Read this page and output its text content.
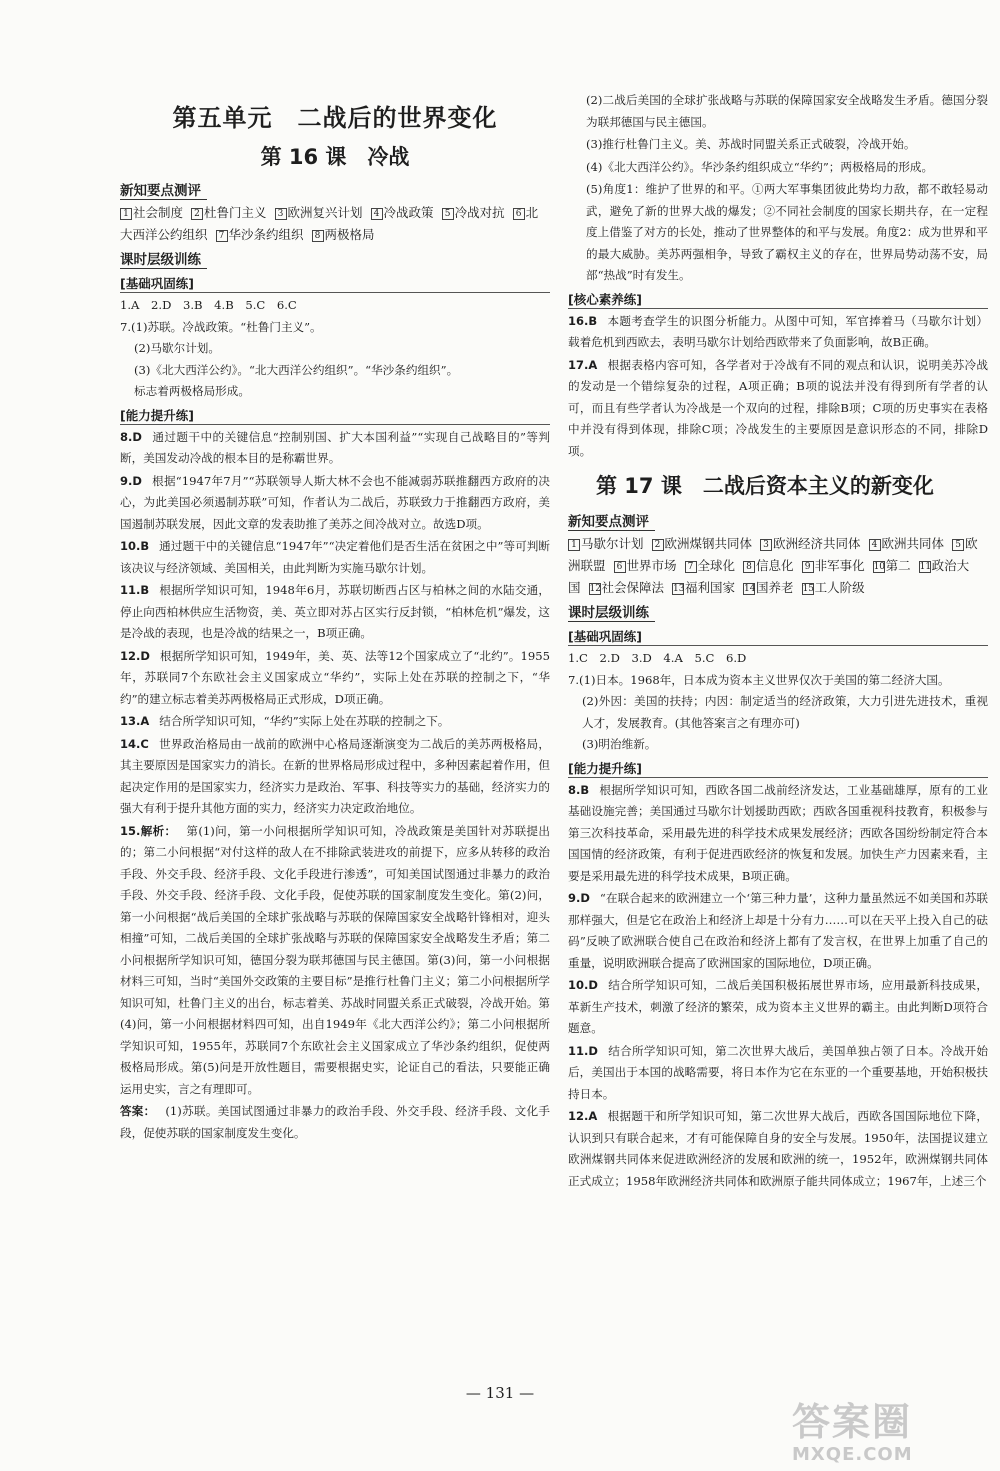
第五单元　二战后的世界变化
第 16 课　冷战
新知要点测评
1 社会制度 2 杜鲁门主义 3 欧洲复兴计划 4 冷战政策 5 冷战对抗 6 北大西洋公约组织 7 华沙条约组织 8 两极格局
课时层级训练
[基础巩固练]

1.A　2.D　3.B　4.B　5.C　6.C

7.(1)苏联。冷战政策。“杜鲁门主义”。

(2)马歇尔计划。

(3)《北大西洋公约》。“北大西洋公约组织”。“华沙条约组织”。

标志着两极格局形成。

[能力提升练]

8.D 通过题干中的关键信息“控制别国、扩大本国利益”“实现自己战略目的”等判断，美国发动冷战的根本目的是称霸世界。

9.D 根据“1947年7月”“苏联领导人斯大林不会也不能减弱苏联推翻西方政府的决心，为此美国必须遏制苏联”可知，作者认为二战后，苏联致力于推翻西方政府，美国遏制苏联发展，因此文章的发表助推了美苏之间冷战对立。故选D项。

10.B 通过题干中的关键信息“1947年”“决定着他们是否生活在贫困之中”等可判断该决议与经济领域、美国相关，由此判断为实施马歇尔计划。

11.B 根据所学知识可知，1948年6月，苏联切断西占区与柏林之间的水陆交通，停止向西柏林供应生活物资，美、英立即对苏占区实行反封锁，“柏林危机”爆发，这是冷战的表现，也是冷战的结果之一，B项正确。

12.D 根据所学知识可知，1949年，美、英、法等12个国家成立了“北约”。1955年，苏联同7个东欧社会主义国家成立“华约”，实际上处在苏联的控制之下，“华约”的建立标志着美苏两极格局正式形成，D项正确。

13.A 结合所学知识可知，“华约”实际上处在苏联的控制之下。

14.C 世界政治格局由一战前的欧洲中心格局逐渐演变为二战后的美苏两极格局，其主要原因是国家实力的消长。在新的世界格局形成过程中，多种因素起着作用，但起决定作用的是国家实力，经济实力是政治、军事、科技等实力的基础，经济实力的强大有利于提升其他方面的实力，经济实力决定政治地位。

15.解析： 第(1)问，第一小问根据所学知识可知，冷战政策是美国针对苏联提出的；第二小问根据“对付这样的敌人在不排除武装进攻的前提下，应多从转移的政治手段、外交手段、经济手段、文化手段进行渗透”，可知美国试图通过非暴力的政治手段、外交手段、经济手段、文化手段，促使苏联的国家制度发生变化。第(2)问，第一小问根据“战后美国的全球扩张战略与苏联的保障国家安全战略针锋相对，迎头相撞”可知，二战后美国的全球扩张战略与苏联的保障国家安全战略发生矛盾；第二小问根据所学知识可知，德国分裂为联邦德国与民主德国。第(3)问，第一小问根据材料三可知，当时“美国外交政策的主要目标”是推行杜鲁门主义；第二小问根据所学知识可知，杜鲁门主义的出台，标志着美、苏战时同盟关系正式破裂，冷战开始。第(4)问，第一小问根据材料四可知，出自1949年《北大西洋公约》；第二小问根据所学知识可知，1955年，苏联同7个东欧社会主义国家成立了华沙条约组织，促使两极格局形成。第(5)问是开放性题目，需要根据史实，论证自己的看法，只要能正确运用史实，言之有理即可。

答案： (1)苏联。美国试图通过非暴力的政治手段、外交手段、经济手段、文化手段，促使苏联的国家制度发生变化。

(2)二战后美国的全球扩张战略与苏联的保障国家安全战略发生矛盾。德国分裂为联邦德国与民主德国。

(3)推行杜鲁门主义。美、苏战时同盟关系正式破裂，冷战开始。

(4)《北大西洋公约》。华沙条约组织成立“华约”；两极格局的形成。

(5)角度1：维护了世界的和平。①两大军事集团彼此势均力敌，都不敢轻易动武，避免了新的世界大战的爆发；②不同社会制度的国家长期共存，在一定程度上借鉴了对方的长处，推动了世界整体的和平与发展。角度2：成为世界和平的最大威胁。美苏两强相争，导致了霸权主义的存在，世界局势动荡不安，局部“热战”时有发生。

[核心素养练]

16.B 本题考查学生的识图分析能力。从图中可知，军官捧着马（马歇尔计划）载着危机到西欧去，表明马歇尔计划给西欧带来了负面影响，故B正确。

17.A 根据表格内容可知，各学者对于冷战有不同的观点和认识，说明美苏冷战的发动是一个错综复杂的过程，A项正确；B项的说法并没有得到所有学者的认可，而且有些学者认为冷战是一个双向的过程，排除B项；C项的历史事实在表格中并没有得到体现，排除C项；冷战发生的主要原因是意识形态的不同，排除D项。

第 17 课　二战后资本主义的新变化
新知要点测评
1 马歇尔计划 2 欧洲煤钢共同体 3 欧洲经济共同体 4 欧洲共同体 5 欧洲联盟 6 世界市场 7 全球化 8 信息化 9 非军事化 10第二 11政治大国 12社会保障法 13福利国家 14国养老 15工人阶级
课时层级训练
[基础巩固练]

1.C　2.D　3.D　4.A　5.C　6.D

7.(1)日本。1968年，日本成为资本主义世界仅次于美国的第二经济大国。

(2)外因：美国的扶持；内因：制定适当的经济政策，大力引进先进技术，重视人才，发展教育。(其他答案言之有理亦可)

(3)明治维新。

[能力提升练]

8.B 根据所学知识可知，西欧各国二战前经济发达，工业基础雄厚，原有的工业基础设施完善；美国通过马歇尔计划援助西欧；西欧各国重视科技教育，积极参与第三次科技革命，采用最先进的科学技术成果发展经济；西欧各国纷纷制定符合本国国情的经济政策，有利于促进西欧经济的恢复和发展。加快生产力因素来看，主要是采用最先进的科学技术成果，B项正确。

9.D “在联合起来的欧洲建立一个‘第三种力量’，这种力量虽然远不如美国和苏联那样强大，但是它在政治上和经济上却是十分有力……可以在天平上投入自己的砝码”反映了欧洲联合使自己在政治和经济上都有了发言权，在世界上加重了自己的重量，说明欧洲联合提高了欧洲国家的国际地位，D项正确。

10.D 结合所学知识可知，二战后美国积极拓展世界市场，应用最新科技成果，革新生产技术，刺激了经济的繁荣，成为资本主义世界的霸主。由此判断D项符合题意。

11.D 结合所学知识可知，第二次世界大战后，美国单独占领了日本。冷战开始后，美国出于本国的战略需要，将日本作为它在东亚的一个重要基地，开始积极扶持日本。

12.A 根据题干和所学知识可知，第二次世界大战后，西欧各国国际地位下降，认识到只有联合起来，才有可能保障自身的安全与发展。1950年，法国提议建立欧洲煤钢共同体来促进欧洲经济的发展和欧洲的统一，1952年，欧洲煤钢共同体正式成立；1958年欧洲经济共同体和欧洲原子能共同体成立；1967年，上述三个

— 131 —
答案圈
MXQE.COM
